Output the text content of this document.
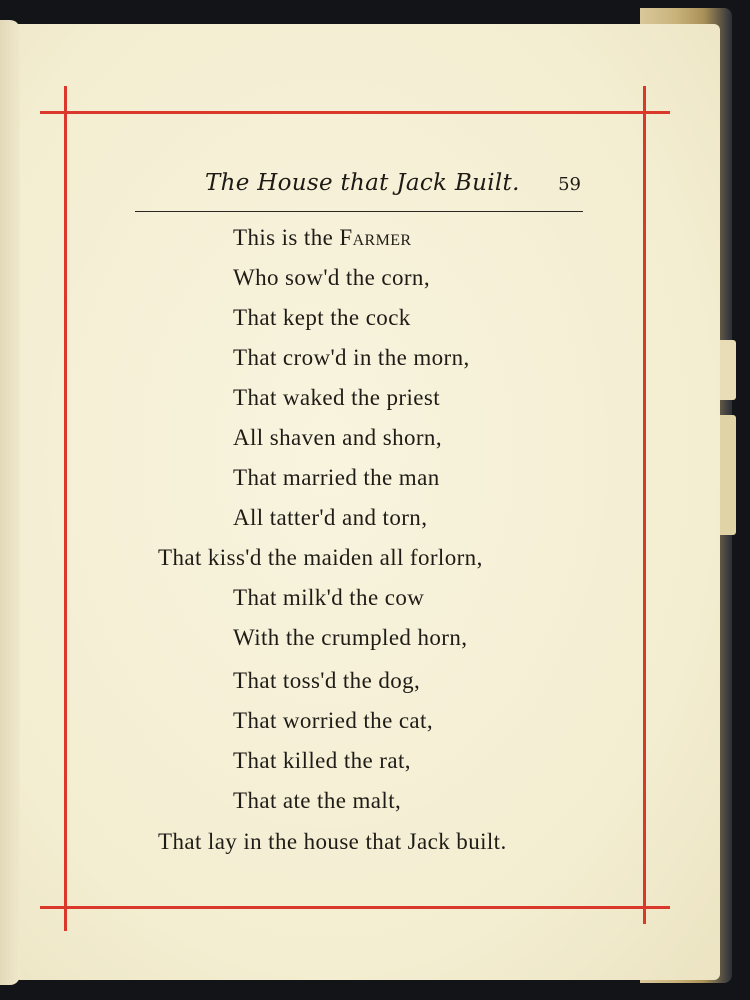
The House that Jack Built. 59
This is the Farmer
Who sow'd the corn,
That kept the cock
That crow'd in the morn,
That waked the priest
All shaven and shorn,
That married the man
All tatter'd and torn,
That kiss'd the maiden all forlorn,
That milk'd the cow
With the crumpled horn,
That toss'd the dog,
That worried the cat,
That killed the rat,
That ate the malt,
That lay in the house that Jack built.
